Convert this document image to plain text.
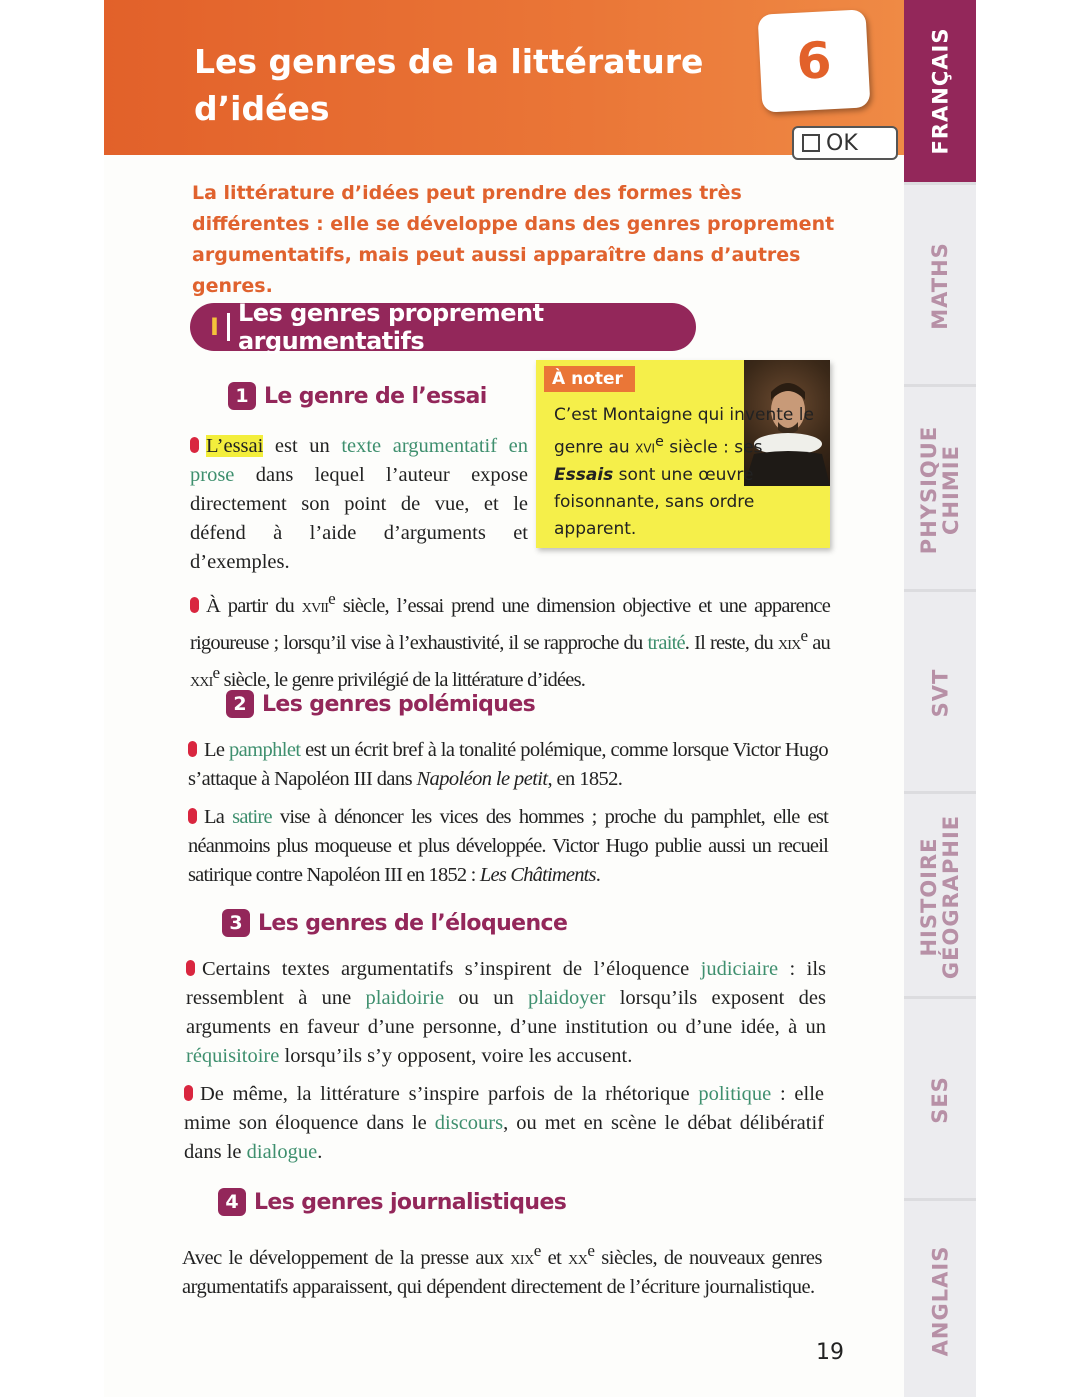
Les genres de la littérature d’idées
6
OK

La littérature d’idées peut prendre des formes très différentes : elle se développe dans des genres proprement argumentatifs, mais peut aussi apparaître dans d’autres genres.

I Les genres proprement argumentatifs
À noter

C’est Montaigne qui invente le genre au xvi$^e$ siècle : ses Essais sont une œuvre foisonnante, sans ordre apparent.

1 Le genre de l’essai

L’essai est un texte argumentatif en prose dans lequel l’auteur expose directement son point de vue, et le défend à l’aide d’arguments et d’exemples.

À partir du xvii$^e$ siècle, l’essai prend une dimension objective et une apparence rigoureuse ; lorsqu’il vise à l’exhaustivité, il se rapproche du traité. Il reste, du xix$^e$ au xxi$^e$ siècle, le genre privilégié de la littérature d’idées.

2 Les genres polémiques

Le pamphlet est un écrit bref à la tonalité polémique, comme lorsque Victor Hugo s’attaque à Napoléon III dans Napoléon le petit, en 1852.

La satire vise à dénoncer les vices des hommes ; proche du pamphlet, elle est néanmoins plus moqueuse et plus développée. Victor Hugo publie aussi un recueil satirique contre Napoléon III en 1852 : Les Châtiments.

3 Les genres de l’éloquence

Certains textes argumentatifs s’inspirent de l’éloquence judiciaire : ils ressemblent à une plaidoirie ou un plaidoyer lorsqu’ils exposent des arguments en faveur d’une personne, d’une institution ou d’une idée, à un réquisitoire lorsqu’ils s’y opposent, voire les accusent.

De même, la littérature s’inspire parfois de la rhétorique politique : elle mime son éloquence dans le discours, ou met en scène le débat délibératif dans le dialogue.

4 Les genres journalistiques

Avec le développement de la presse aux xix$^e$ et $xx^e$ siècles, de nouveaux genres argumentatifs apparaissent, qui dépendent directement de l’écriture journalistique.

19
FRANÇAIS
MATHS
PHYSIQUE CHIMIE
SVT
HISTOIRE GÉOGRAPHIE
SES
ANGLAIS
